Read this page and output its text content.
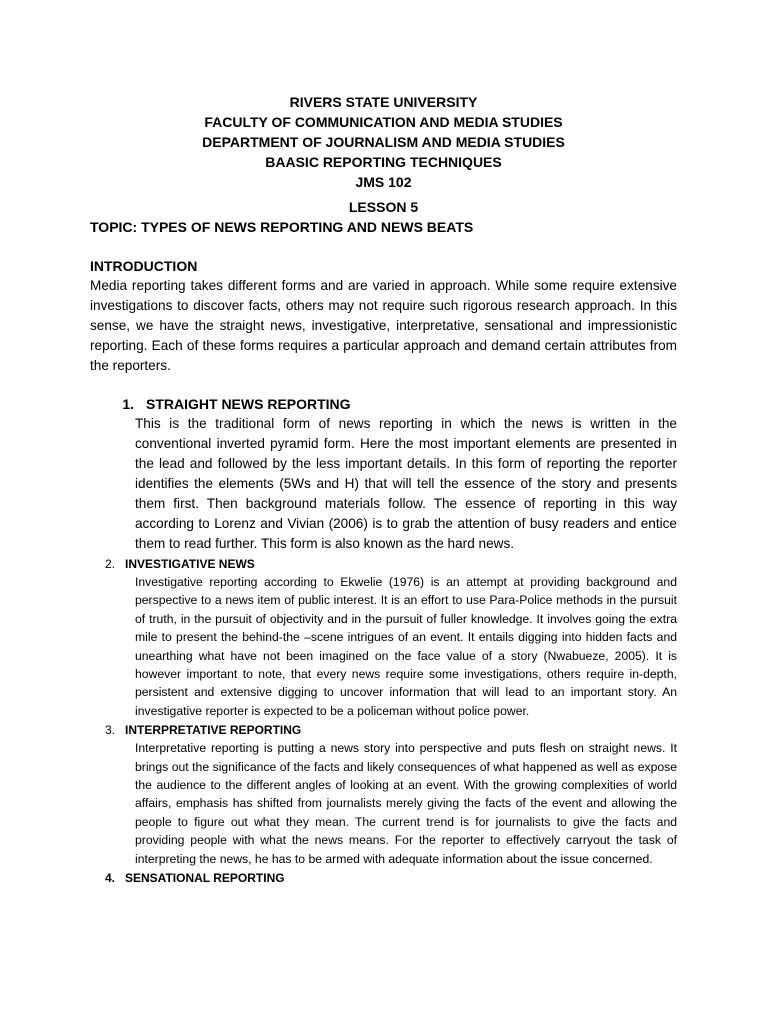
RIVERS STATE UNIVERSITY
FACULTY OF COMMUNICATION AND MEDIA STUDIES
DEPARTMENT OF JOURNALISM AND MEDIA STUDIES
BAASIC REPORTING TECHNIQUES
JMS 102
LESSON 5
TOPIC: TYPES OF NEWS REPORTING AND NEWS BEATS
INTRODUCTION

Media reporting takes different forms and are varied in approach. While some require extensive investigations to discover facts, others may not require such rigorous research approach. In this sense, we have the straight news, investigative, interpretative, sensational and impressionistic reporting. Each of these forms requires a particular approach and demand certain attributes from the reporters.

1. STRAIGHT NEWS REPORTING

This is the traditional form of news reporting in which the news is written in the conventional inverted pyramid form. Here the most important elements are presented in the lead and followed by the less important details. In this form of reporting the reporter identifies the elements (5Ws and H) that will tell the essence of the story and presents them first. Then background materials follow. The essence of reporting in this way according to Lorenz and Vivian (2006) is to grab the attention of busy readers and entice them to read further. This form is also known as the hard news.

2. INVESTIGATIVE NEWS

Investigative reporting according to Ekwelie (1976) is an attempt at providing background and perspective to a news item of public interest. It is an effort to use Para-Police methods in the pursuit of truth, in the pursuit of objectivity and in the pursuit of fuller knowledge. It involves going the extra mile to present the behind-the –scene intrigues of an event. It entails digging into hidden facts and unearthing what have not been imagined on the face value of a story (Nwabueze, 2005). It is however important to note, that every news require some investigations, others require in-depth, persistent and extensive digging to uncover information that will lead to an important story. An investigative reporter is expected to be a policeman without police power.

3. INTERPRETATIVE REPORTING

Interpretative reporting is putting a news story into perspective and puts flesh on straight news. It brings out the significance of the facts and likely consequences of what happened as well as expose the audience to the different angles of looking at an event. With the growing complexities of world affairs, emphasis has shifted from journalists merely giving the facts of the event and allowing the people to figure out what they mean. The current trend is for journalists to give the facts and providing people with what the news means. For the reporter to effectively carryout the task of interpreting the news, he has to be armed with adequate information about the issue concerned.

4. SENSATIONAL REPORTING
